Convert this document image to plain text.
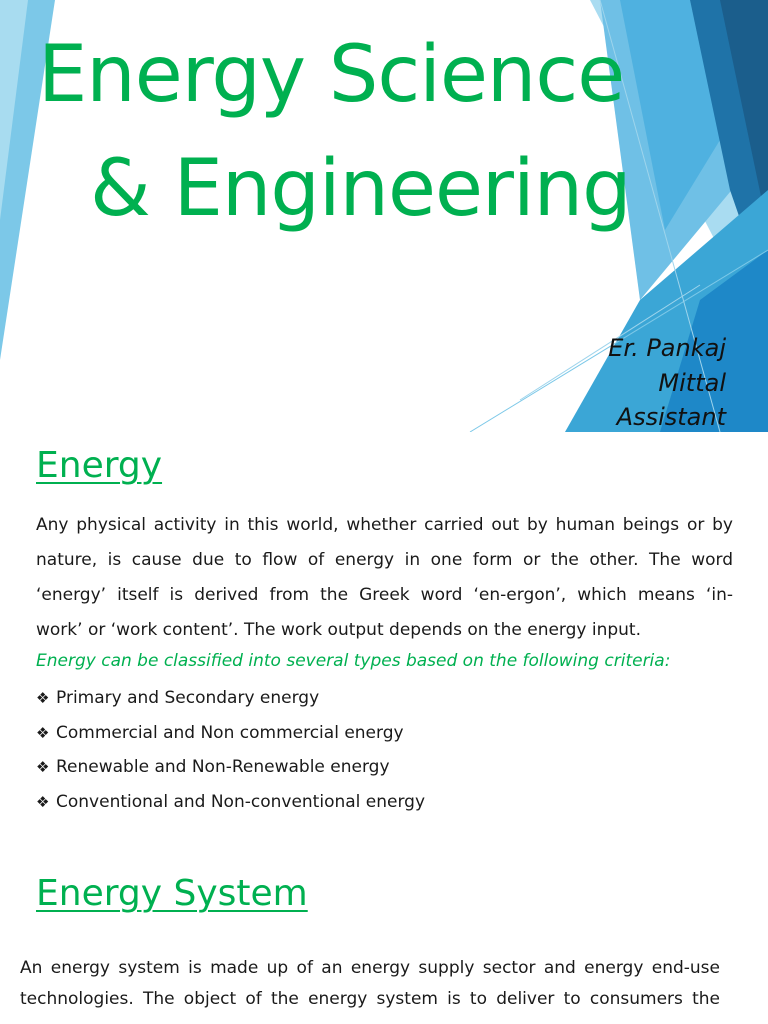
Energy Science
& Engineering

Er. Pankaj

Mittal

Assistant

Energy

Any physical activity in this world, whether carried out by human beings or by
nature, is cause due to flow of energy in one form or the other. The word
‘energy’ itself is derived from the Greek word ‘en-ergon’, which means ‘in-
work’ or ‘work content’. The work output depends on the energy input.

Energy can be classified into several types based on the following criteria:

❖ Primary and Secondary energy
❖ Commercial and Non commercial energy
❖ Renewable and Non-Renewable energy
❖ Conventional and Non-conventional energy
Energy System

An energy system is made up of an energy supply sector and energy end-use
technologies. The object of the energy system is to deliver to consumers the
